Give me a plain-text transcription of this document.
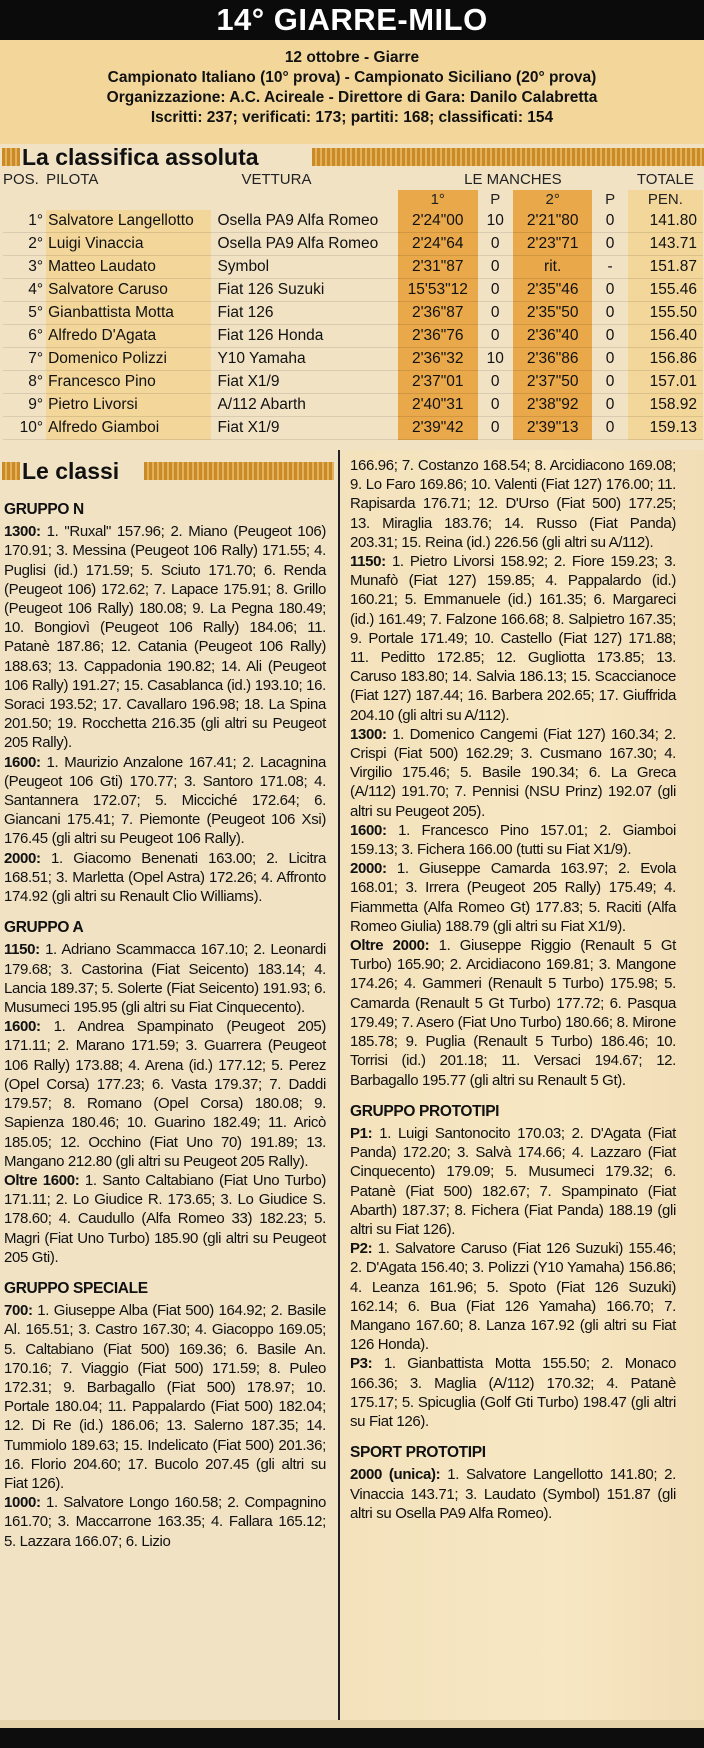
14° GIARRE-MILO
12 ottobre - Giarre
Campionato Italiano (10° prova) - Campionato Siciliano (20° prova)
Organizzazione: A.C. Acireale - Direttore di Gara: Danilo Calabretta
Iscritti: 237; verificati: 173; partiti: 168; classificati: 154
La classifica assoluta
POS.	PILOTA	VETTURA	LE MANCHES				TOTALE
			1°	P	2°	P	PEN.
1°	Salvatore Langellotto	Osella PA9 Alfa Romeo	2'24"00	10	2'21"80	0	141.80
2°	Luigi Vinaccia	Osella PA9 Alfa Romeo	2'24"64	0	2'23"71	0	143.71
3°	Matteo Laudato	Symbol	2'31"87	0	rit.	-	151.87
4°	Salvatore Caruso	Fiat 126 Suzuki	15'53"12	0	2'35"46	0	155.46
5°	Gianbattista Motta	Fiat 126	2'36"87	0	2'35"50	0	155.50
6°	Alfredo D'Agata	Fiat 126 Honda	2'36"76	0	2'36"40	0	156.40
7°	Domenico Polizzi	Y10 Yamaha	2'36"32	10	2'36"86	0	156.86
8°	Francesco Pino	Fiat X1/9	2'37"01	0	2'37"50	0	157.01
9°	Pietro Livorsi	A/112 Abarth	2'40"31	0	2'38"92	0	158.92
10°	Alfredo Giamboi	Fiat X1/9	2'39"42	0	2'39"13	0	159.13
Le classi

GRUPPO N

1300: 1. "Ruxal" 157.96; 2. Miano (Peugeot 106) 170.91; 3. Messina (Peugeot 106 Rally) 171.55; 4. Puglisi (id.) 171.59; 5. Sciuto 171.70; 6. Renda (Peugeot 106) 172.62; 7. Lapace 175.91; 8. Grillo (Peugeot 106 Rally) 180.08; 9. La Pegna 180.49; 10. Bongiovì (Peugeot 106 Rally) 184.06; 11. Patanè 187.86; 12. Catania (Peugeot 106 Rally) 188.63; 13. Cappadonia 190.82; 14. Ali (Peugeot 106 Rally) 191.27; 15. Casablanca (id.) 193.10; 16. Soraci 193.52; 17. Cavallaro 196.98; 18. La Spina 201.50; 19. Rocchetta 216.35 (gli altri su Peugeot 205 Rally).

1600: 1. Maurizio Anzalone 167.41; 2. Lacagnina (Peugeot 106 Gti) 170.77; 3. Santoro 171.08; 4. Santannera 172.07; 5. Micciché 172.64; 6. Giancani 175.41; 7. Piemonte (Peugeot 106 Xsi) 176.45 (gli altri su Peugeot 106 Rally).

2000: 1. Giacomo Benenati 163.00; 2. Licitra 168.51; 3. Marletta (Opel Astra) 172.26; 4. Affronto 174.92 (gli altri su Renault Clio Williams).

GRUPPO A

1150: 1. Adriano Scammacca 167.10; 2. Leonardi 179.68; 3. Castorina (Fiat Seicento) 183.14; 4. Lancia 189.37; 5. Solerte (Fiat Seicento) 191.93; 6. Musumeci 195.95 (gli altri su Fiat Cinquecento).

1600: 1. Andrea Spampinato (Peugeot 205) 171.11; 2. Marano 171.59; 3. Guarrera (Peugeot 106 Rally) 173.88; 4. Arena (id.) 177.12; 5. Perez (Opel Corsa) 177.23; 6. Vasta 179.37; 7. Daddi 179.57; 8. Romano (Opel Corsa) 180.08; 9. Sapienza 180.46; 10. Guarino 182.49; 11. Aricò 185.05; 12. Occhino (Fiat Uno 70) 191.89; 13. Mangano 212.80 (gli altri su Peugeot 205 Rally).

Oltre 1600: 1. Santo Caltabiano (Fiat Uno Turbo) 171.11; 2. Lo Giudice R. 173.65; 3. Lo Giudice S. 178.60; 4. Caudullo (Alfa Romeo 33) 182.23; 5. Magri (Fiat Uno Turbo) 185.90 (gli altri su Peugeot 205 Gti).

GRUPPO SPECIALE

700: 1. Giuseppe Alba (Fiat 500) 164.92; 2. Basile Al. 165.51; 3. Castro 167.30; 4. Giacoppo 169.05; 5. Caltabiano (Fiat 500) 169.36; 6. Basile An. 170.16; 7. Viaggio (Fiat 500) 171.59; 8. Puleo 172.31; 9. Barbagallo (Fiat 500) 178.97; 10. Portale 180.04; 11. Pappalardo (Fiat 500) 182.04; 12. Di Re (id.) 186.06; 13. Salerno 187.35; 14. Tummiolo 189.63; 15. Indelicato (Fiat 500) 201.36; 16. Florio 204.60; 17. Bucolo 207.45 (gli altri su Fiat 126).

1000: 1. Salvatore Longo 160.58; 2. Compagnino 161.70; 3. Maccarrone 163.35; 4. Fallara 165.12; 5. Lazzara 166.07; 6. Lizio

166.96; 7. Costanzo 168.54; 8. Arcidiacono 169.08; 9. Lo Faro 169.86; 10. Valenti (Fiat 127) 176.00; 11. Rapisarda 176.71; 12. D'Urso (Fiat 500) 177.25; 13. Miraglia 183.76; 14. Russo (Fiat Panda) 203.31; 15. Reina (id.) 226.56 (gli altri su A/112).

1150: 1. Pietro Livorsi 158.92; 2. Fiore 159.23; 3. Munafò (Fiat 127) 159.85; 4. Pappalardo (id.) 160.21; 5. Emmanuele (id.) 161.35; 6. Margareci (id.) 161.49; 7. Falzone 166.68; 8. Salpietro 167.35; 9. Portale 171.49; 10. Castello (Fiat 127) 171.88; 11. Peditto 172.85; 12. Gugliotta 173.85; 13. Caruso 183.80; 14. Salvia 186.13; 15. Scaccianoce (Fiat 127) 187.44; 16. Barbera 202.65; 17. Giuffrida 204.10 (gli altri su A/112).

1300: 1. Domenico Cangemi (Fiat 127) 160.34; 2. Crispi (Fiat 500) 162.29; 3. Cusmano 167.30; 4. Virgilio 175.46; 5. Basile 190.34; 6. La Greca (A/112) 191.70; 7. Pennisi (NSU Prinz) 192.07 (gli altri su Peugeot 205).

1600: 1. Francesco Pino 157.01; 2. Giamboi 159.13; 3. Fichera 166.00 (tutti su Fiat X1/9).

2000: 1. Giuseppe Camarda 163.97; 2. Evola 168.01; 3. Irrera (Peugeot 205 Rally) 175.49; 4. Fiammetta (Alfa Romeo Gt) 177.83; 5. Raciti (Alfa Romeo Giulia) 188.79 (gli altri su Fiat X1/9).

Oltre 2000: 1. Giuseppe Riggio (Renault 5 Gt Turbo) 165.90; 2. Arcidiacono 169.81; 3. Mangone 174.26; 4. Gammeri (Renault 5 Turbo) 175.98; 5. Camarda (Renault 5 Gt Turbo) 177.72; 6. Pasqua 179.49; 7. Asero (Fiat Uno Turbo) 180.66; 8. Mirone 185.78; 9. Puglia (Renault 5 Turbo) 186.46; 10. Torrisi (id.) 201.18; 11. Versaci 194.67; 12. Barbagallo 195.77 (gli altri su Renault 5 Gt).

GRUPPO PROTOTIPI

P1: 1. Luigi Santonocito 170.03; 2. D'Agata (Fiat Panda) 172.20; 3. Salvà 174.66; 4. Lazzaro (Fiat Cinquecento) 179.09; 5. Musumeci 179.32; 6. Patanè (Fiat 500) 182.67; 7. Spampinato (Fiat Abarth) 187.37; 8. Fichera (Fiat Panda) 188.19 (gli altri su Fiat 126).

P2: 1. Salvatore Caruso (Fiat 126 Suzuki) 155.46; 2. D'Agata 156.40; 3. Polizzi (Y10 Yamaha) 156.86; 4. Leanza 161.96; 5. Spoto (Fiat 126 Suzuki) 162.14; 6. Bua (Fiat 126 Yamaha) 166.70; 7. Mangano 167.60; 8. Lanza 167.92 (gli altri su Fiat 126 Honda).

P3: 1. Gianbattista Motta 155.50; 2. Monaco 166.36; 3. Maglia (A/112) 170.32; 4. Patanè 175.17; 5. Spicuglia (Golf Gti Turbo) 198.47 (gli altri su Fiat 126).

SPORT PROTOTIPI

2000 (unica): 1. Salvatore Langellotto 141.80; 2. Vinaccia 143.71; 3. Laudato (Symbol) 151.87 (gli altri su Osella PA9 Alfa Romeo).
